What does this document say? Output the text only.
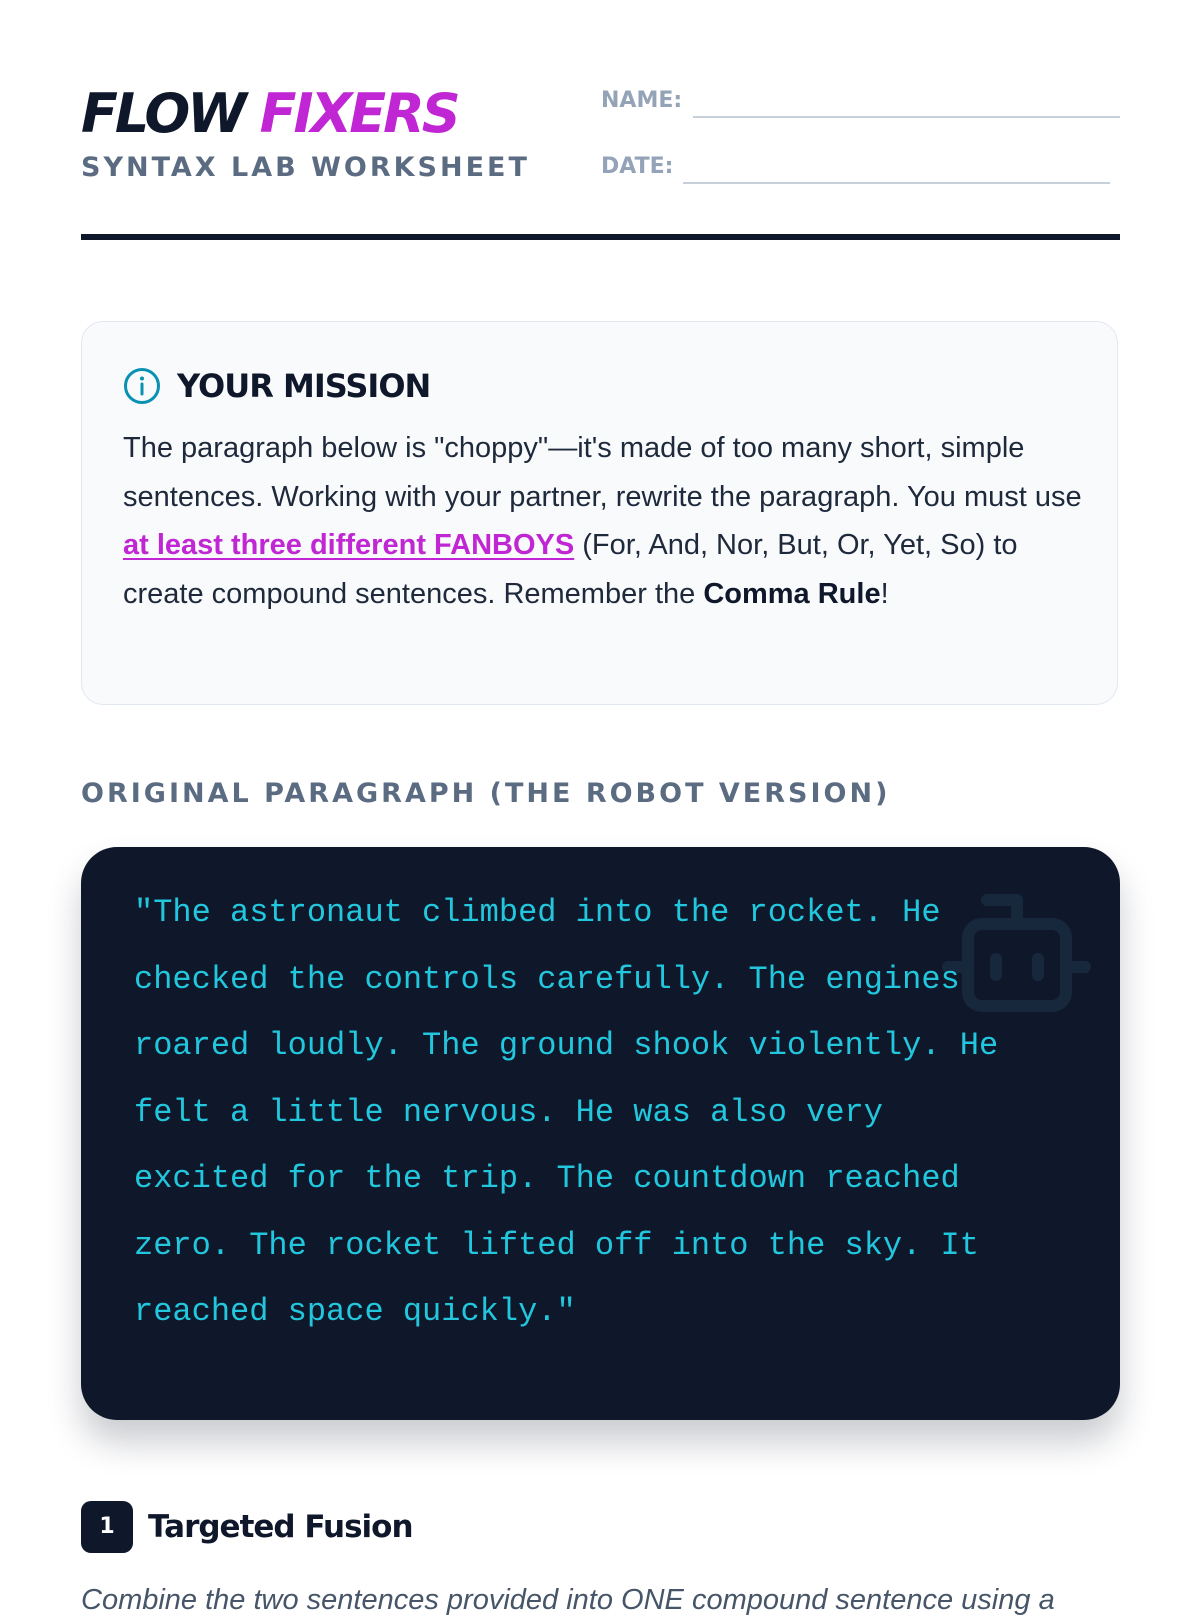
FLOW FIXERS
SYNTAX LAB WORKSHEET
NAME:
DATE:
YOUR MISSION
The paragraph below is "choppy"—it's made of too many short, simple sentences. Working with your partner, rewrite the paragraph. You must use at least three different FANBOYS (For, And, Nor, But, Or, Yet, So) to create compound sentences. Remember the Comma Rule!
ORIGINAL PARAGRAPH (THE ROBOT VERSION)
"The astronaut climbed into the rocket. He
checked the controls carefully. The engines
roared loudly. The ground shook violently. He
felt a little nervous. He was also very
excited for the trip. The countdown reached
zero. The rocket lifted off into the sky. It
reached space quickly."
1	Targeted Fusion
Combine the two sentences provided into ONE compound sentence using a
